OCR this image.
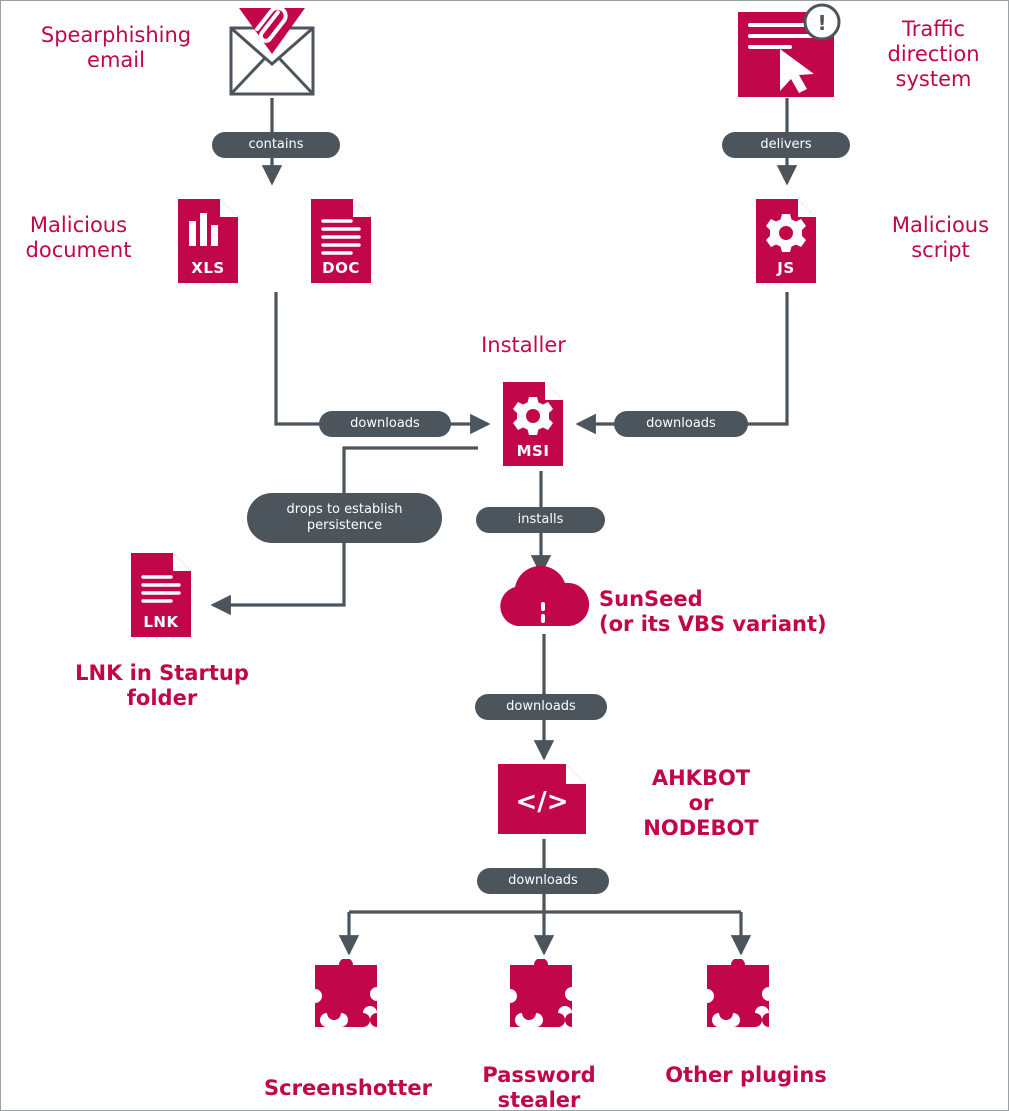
!
XLS	DOC	JS
MSI
LNK
</>
contains	delivers
downloads	downloads
drops to establish
persistence	installs
downloads
downloads
Spearphishing
email
Traffic
direction
system
Malicious
document
Malicious
script
Installer
SunSeed
(or its VBS variant)
LNK in Startup
folder
AHKBOT
or
NODEBOT
Screenshotter
Password
stealer
Other plugins
